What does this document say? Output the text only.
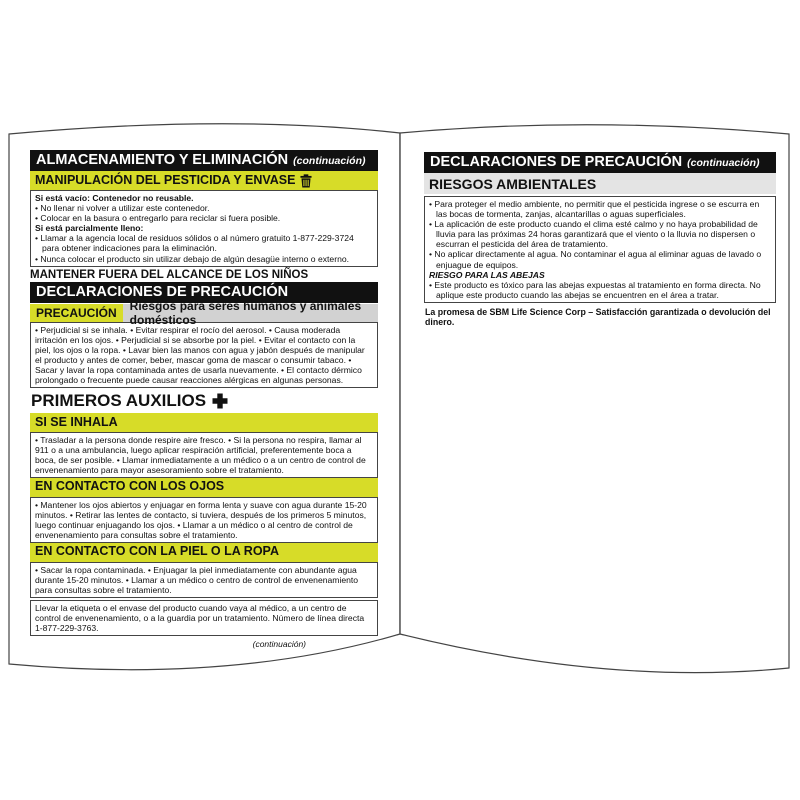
ALMACENAMIENTO Y ELIMINACIÓN (continuación)
MANIPULACIÓN DEL PESTICIDA Y ENVASE
Si está vacío: Contenedor no reusable.
• No llenar ni volver a utilizar este contenedor.
• Colocar en la basura o entregarlo para reciclar si fuera posible.
Si está parcialmente lleno:
• Llamar a la agencia local de residuos sólidos o al número gratuito 1-877-229-3724 para obtener indicaciones para la eliminación.
• Nunca colocar el producto sin utilizar debajo de algún desagüe interno o externo.
MANTENER FUERA DEL ALCANCE DE LOS NIÑOS
DECLARACIONES DE PRECAUCIÓN
PRECAUCIÓN	Riesgos para seres humanos y animales domésticos
• Perjudicial si se inhala. • Evitar respirar el rocío del aerosol. • Causa moderada irritación en los ojos. • Perjudicial si se absorbe por la piel. • Evitar el contacto con la piel, los ojos o la ropa. • Lavar bien las manos con agua y jabón después de manipular el producto y antes de comer, beber, mascar goma de mascar o consumir tabaco. • Sacar y lavar la ropa contaminada antes de usarla nuevamente. • El contacto dérmico prolongado o frecuente puede causar reacciones alérgicas en algunas personas.
PRIMEROS AUXILIOS
SI SE INHALA
• Trasladar a la persona donde respire aire fresco. • Si la persona no respira, llamar al 911 o a una ambulancia, luego aplicar respiración artificial, preferentemente boca a boca, de ser posible. • Llamar inmediatamente a un médico o a un centro de control de envenenamiento para mayor asesoramiento sobre el tratamiento.
EN CONTACTO CON LOS OJOS
• Mantener los ojos abiertos y enjuagar en forma lenta y suave con agua durante 15-20 minutos. • Retirar las lentes de contacto, si tuviera, después de los primeros 5 minutos, luego continuar enjuagando los ojos. • Llamar a un médico o al centro de control de envenenamiento para consultas sobre el tratamiento.
EN CONTACTO CON LA PIEL O LA ROPA
• Sacar la ropa contaminada. • Enjuagar la piel inmediatamente con abundante agua durante 15-20 minutos. • Llamar a un médico o centro de control de envenenamiento para consultas sobre el tratamiento.
Llevar la etiqueta o el envase del producto cuando vaya al médico, a un centro de control de envenenamiento, o a la guardia por un tratamiento. Número de línea directa 1-877-229-3763.
(continuación)
DECLARACIONES DE PRECAUCIÓN (continuación)
RIESGOS AMBIENTALES
• Para proteger el medio ambiente, no permitir que el pesticida ingrese o se escurra en las bocas de tormenta, zanjas, alcantarillas o aguas superficiales.
• La aplicación de este producto cuando el clima esté calmo y no haya probabilidad de lluvia para las próximas 24 horas garantizará que el viento o la lluvia no dispersen o escurran el pesticida del área de tratamiento.
• No aplicar directamente al agua. No contaminar el agua al eliminar aguas de lavado o enjuague de equipos.
RIESGO PARA LAS ABEJAS
• Este producto es tóxico para las abejas expuestas al tratamiento en forma directa. No aplique este producto cuando las abejas se encuentren en el área a tratar.
La promesa de SBM Life Science Corp – Satisfacción garantizada o devolución del dinero.
